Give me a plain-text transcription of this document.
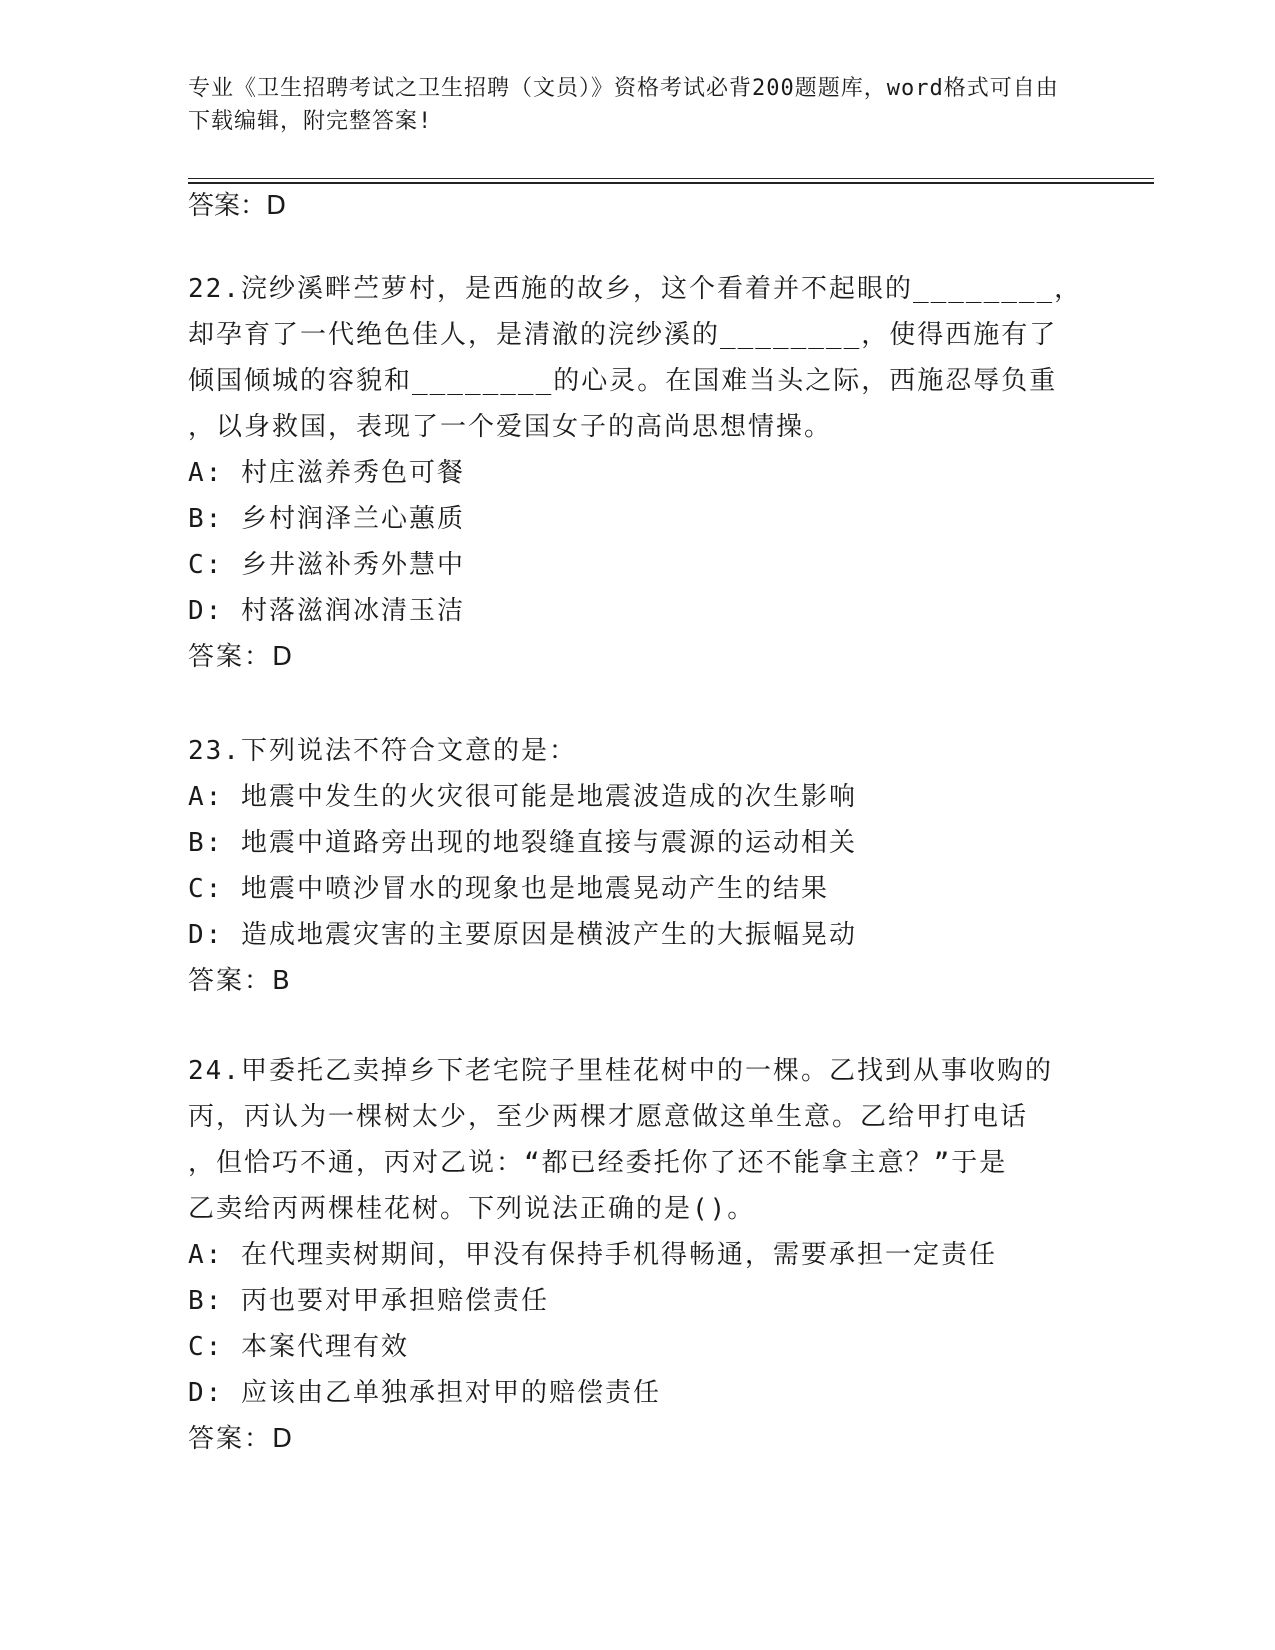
专业《卫生招聘考试之卫生招聘（文员）》资格考试必背200题题库，word格式可自由下载编辑，附完整答案!
答案：D
22.浣纱溪畔苎萝村，是西施的故乡，这个看着并不起眼的________，
却孕育了一代绝色佳人，是清澈的浣纱溪的________，使得西施有了
倾国倾城的容貌和________的心灵。在国难当头之际，西施忍辱负重
，以身救国，表现了一个爱国女子的高尚思想情操。
A: 村庄滋养秀色可餐
B: 乡村润泽兰心蕙质
C: 乡井滋补秀外慧中
D: 村落滋润冰清玉洁
答案：D
23.下列说法不符合文意的是：
A: 地震中发生的火灾很可能是地震波造成的次生影响
B: 地震中道路旁出现的地裂缝直接与震源的运动相关
C: 地震中喷沙冒水的现象也是地震晃动产生的结果
D: 造成地震灾害的主要原因是横波产生的大振幅晃动
答案：B
24.甲委托乙卖掉乡下老宅院子里桂花树中的一棵。乙找到从事收购的
丙，丙认为一棵树太少，至少两棵才愿意做这单生意。乙给甲打电话
，但恰巧不通，丙对乙说：“都已经委托你了还不能拿主意？”于是
乙卖给丙两棵桂花树。下列说法正确的是()。
A: 在代理卖树期间，甲没有保持手机得畅通，需要承担一定责任
B: 丙也要对甲承担赔偿责任
C: 本案代理有效
D: 应该由乙单独承担对甲的赔偿责任
答案：D
